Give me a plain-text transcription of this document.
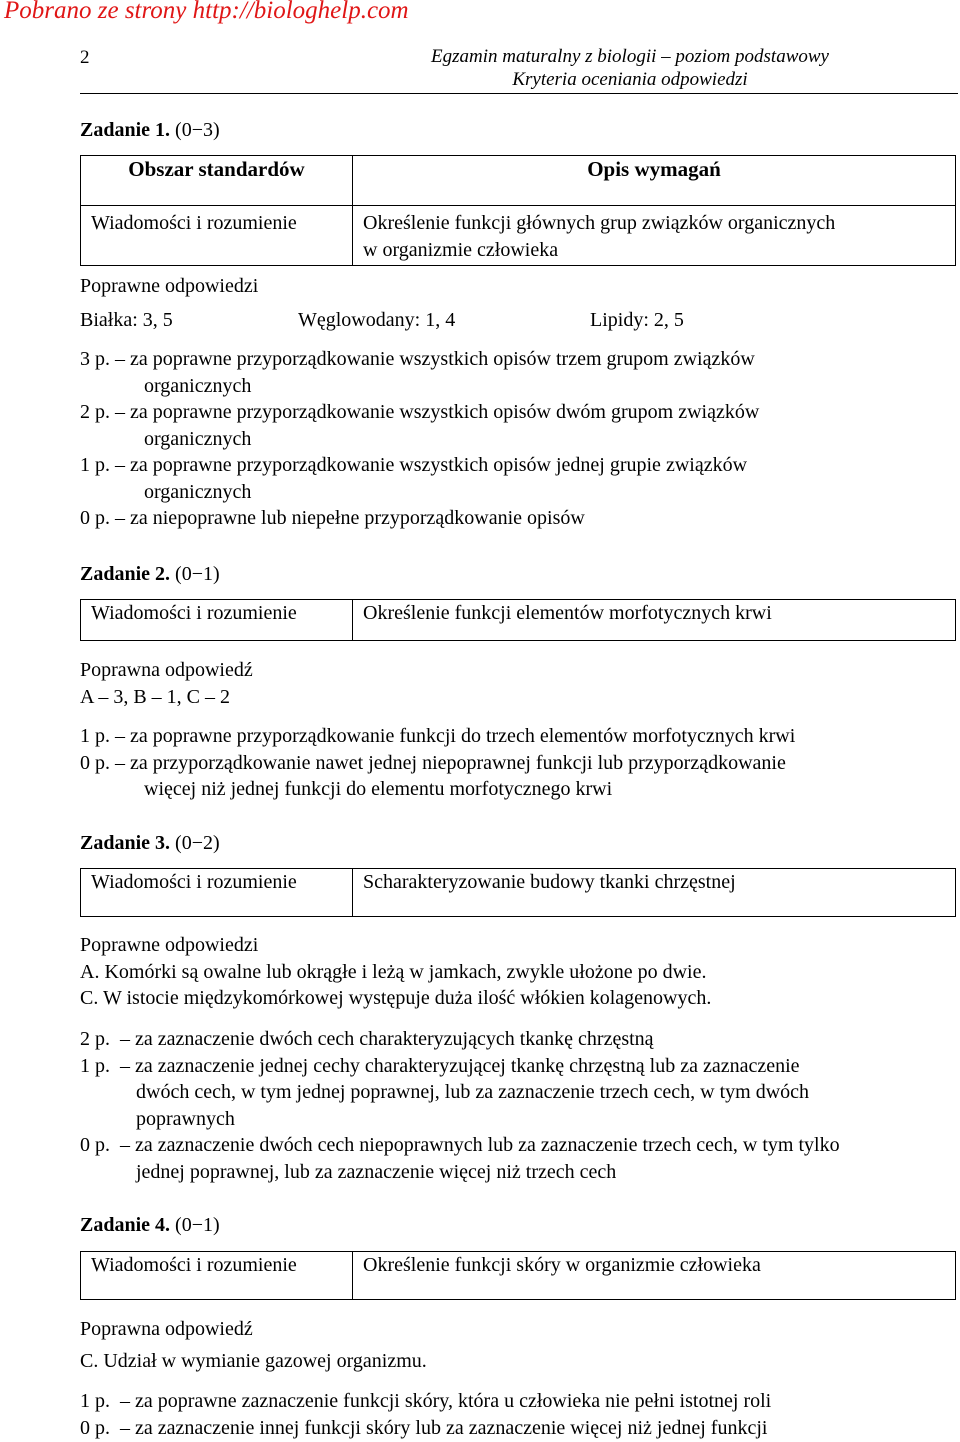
Pobrano ze strony http://biologhelp.com
2	Egzamin maturalny z biologii – poziom podstawowy
Kryteria oceniania odpowiedzi
Zadanie 1. (0−3)
Obszar standardów	Opis wymagań
Wiadomości i rozumienie	Określenie funkcji głównych grup związków organicznych
w organizmie człowieka
Poprawne odpowiedzi
Białka: 3, 5	Węglowodany: 1, 4	Lipidy: 2, 5
3 p. – za poprawne przyporządkowanie wszystkich opisów trzem grupom związków
organicznych
2 p. – za poprawne przyporządkowanie wszystkich opisów dwóm grupom związków
organicznych
1 p. – za poprawne przyporządkowanie wszystkich opisów jednej grupie związków
organicznych
0 p. – za niepoprawne lub niepełne przyporządkowanie opisów
Zadanie 2. (0−1)
Wiadomości i rozumienie	Określenie funkcji elementów morfotycznych krwi
Poprawna odpowiedź
A – 3, B – 1, C – 2
1 p. – za poprawne przyporządkowanie funkcji do trzech elementów morfotycznych krwi
0 p. – za przyporządkowanie nawet jednej niepoprawnej funkcji lub przyporządkowanie
więcej niż jednej funkcji do elementu morfotycznego krwi
Zadanie 3. (0−2)
Wiadomości i rozumienie	Scharakteryzowanie budowy tkanki chrzęstnej
Poprawne odpowiedzi
A. Komórki są owalne lub okrągłe i leżą w jamkach, zwykle ułożone po dwie.
C. W istocie międzykomórkowej występuje duża ilość włókien kolagenowych.
2 p. – za zaznaczenie dwóch cech charakteryzujących tkankę chrzęstną
1 p. – za zaznaczenie jednej cechy charakteryzującej tkankę chrzęstną lub za zaznaczenie
dwóch cech, w tym jednej poprawnej, lub za zaznaczenie trzech cech, w tym dwóch
poprawnych
0 p. – za zaznaczenie dwóch cech niepoprawnych lub za zaznaczenie trzech cech, w tym tylko
jednej poprawnej, lub za zaznaczenie więcej niż trzech cech
Zadanie 4. (0−1)
Wiadomości i rozumienie	Określenie funkcji skóry w organizmie człowieka
Poprawna odpowiedź
C. Udział w wymianie gazowej organizmu.
1 p. – za poprawne zaznaczenie funkcji skóry, która u człowieka nie pełni istotnej roli
0 p. – za zaznaczenie innej funkcji skóry lub za zaznaczenie więcej niż jednej funkcji
